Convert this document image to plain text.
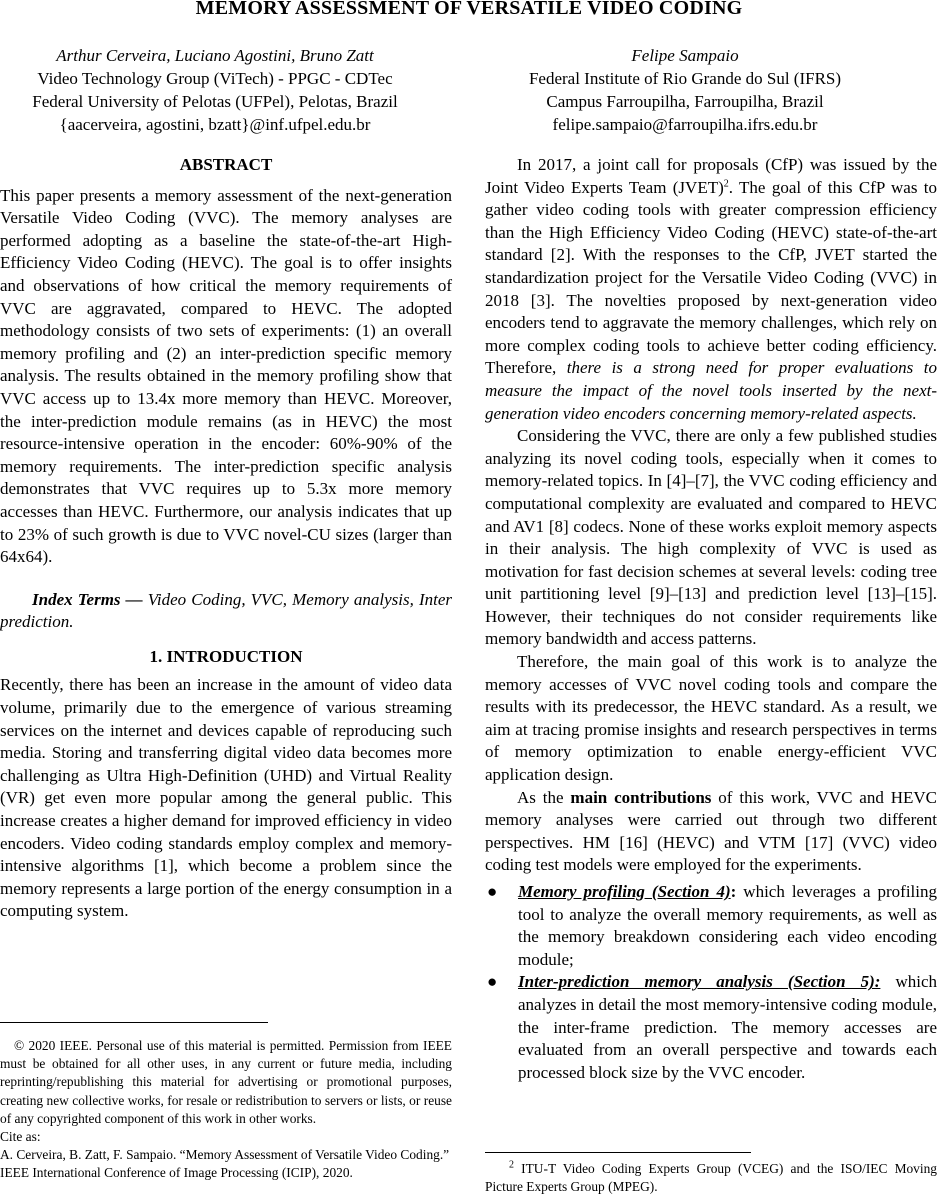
MEMORY ASSESSMENT OF VERSATILE VIDEO CODING
Arthur Cerveira, Luciano Agostini, Bruno Zatt
Video Technology Group (ViTech) - PPGC - CDTec
Federal University of Pelotas (UFPel), Pelotas, Brazil
{aacerveira, agostini, bzatt}@inf.ufpel.edu.br
Felipe Sampaio
Federal Institute of Rio Grande do Sul (IFRS)
Campus Farroupilha, Farroupilha, Brazil
felipe.sampaio@farroupilha.ifrs.edu.br
ABSTRACT

This paper presents a memory assessment of the next-generation Versatile Video Coding (VVC). The memory analyses are performed adopting as a baseline the state-of-the-art High-Efficiency Video Coding (HEVC). The goal is to offer insights and observations of how critical the memory requirements of VVC are aggravated, compared to HEVC. The adopted methodology consists of two sets of experiments: (1) an overall memory profiling and (2) an inter-prediction specific memory analysis. The results obtained in the memory profiling show that VVC access up to 13.4x more memory than HEVC. Moreover, the inter-prediction module remains (as in HEVC) the most resource-intensive operation in the encoder: 60%-90% of the memory requirements. The inter-prediction specific analysis demonstrates that VVC requires up to 5.3x more memory accesses than HEVC. Furthermore, our analysis indicates that up to 23% of such growth is due to VVC novel-CU sizes (larger than 64x64).

Index Terms — Video Coding, VVC, Memory analysis, Inter prediction.

1. INTRODUCTION

Recently, there has been an increase in the amount of video data volume, primarily due to the emergence of various streaming services on the internet and devices capable of reproducing such media. Storing and transferring digital video data becomes more challenging as Ultra High-Definition (UHD) and Virtual Reality (VR) get even more popular among the general public. This increase creates a higher demand for improved efficiency in video encoders. Video coding standards employ complex and memory-intensive algorithms [1], which become a problem since the memory represents a large portion of the energy consumption in a computing system.

In 2017, a joint call for proposals (CfP) was issued by the Joint Video Experts Team (JVET)$^2$. The goal of this CfP was to gather video coding tools with greater compression efficiency than the High Efficiency Video Coding (HEVC) state-of-the-art standard [2]. With the responses to the CfP, JVET started the standardization project for the Versatile Video Coding (VVC) in 2018 [3]. The novelties proposed by next-generation video encoders tend to aggravate the memory challenges, which rely on more complex coding tools to achieve better coding efficiency. Therefore, there is a strong need for proper evaluations to measure the impact of the novel tools inserted by the next-generation video encoders concerning memory-related aspects.

Considering the VVC, there are only a few published studies analyzing its novel coding tools, especially when it comes to memory-related topics. In [4]–[7], the VVC coding efficiency and computational complexity are evaluated and compared to HEVC and AV1 [8] codecs. None of these works exploit memory aspects in their analysis. The high complexity of VVC is used as motivation for fast decision schemes at several levels: coding tree unit partitioning level [9]–[13] and prediction level [13]–[15]. However, their techniques do not consider requirements like memory bandwidth and access patterns.

Therefore, the main goal of this work is to analyze the memory accesses of VVC novel coding tools and compare the results with its predecessor, the HEVC standard. As a result, we aim at tracing promise insights and research perspectives in terms of memory optimization to enable energy-efficient VVC application design.

As the main contributions of this work, VVC and HEVC memory analyses were carried out through two different perspectives. HM [16] (HEVC) and VTM [17] (VVC) video coding test models were employed for the experiments.

● Memory profiling (Section 4): which leverages a profiling tool to analyze the overall memory requirements, as well as the memory breakdown considering each video encoding module;
● Inter-prediction memory analysis (Section 5): which analyzes in detail the most memory-intensive coding module, the inter-frame prediction. The memory accesses are evaluated from an overall perspective and towards each processed block size by the VVC encoder.

© 2020 IEEE. Personal use of this material is permitted. Permission from IEEE must be obtained for all other uses, in any current or future media, including reprinting/republishing this material for advertising or promotional purposes, creating new collective works, for resale or redistribution to servers or lists, or reuse of any copyrighted component of this work in other works.

Cite as:

A. Cerveira, B. Zatt, F. Sampaio. “Memory Assessment of Versatile Video Coding.” IEEE International Conference of Image Processing (ICIP), 2020.

$^2$ ITU-T Video Coding Experts Group (VCEG) and the ISO/IEC Moving Picture Experts Group (MPEG).
